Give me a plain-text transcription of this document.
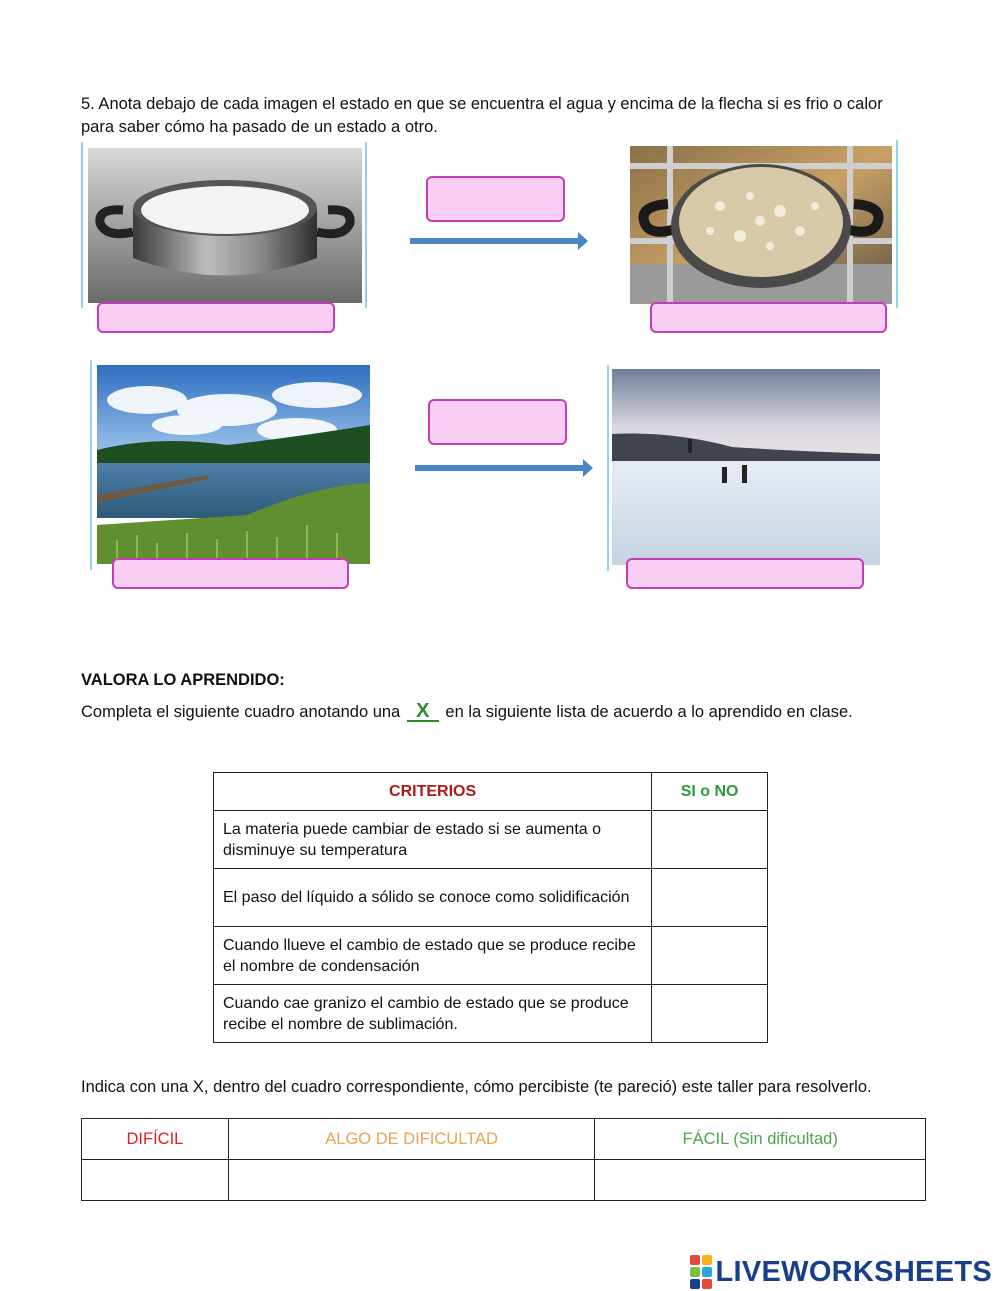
5. Anota debajo de cada imagen el estado en que se encuentra el agua y encima de la flecha si es frio o calor para saber cómo ha pasado de un estado a otro.
VALORA LO APRENDIDO:
Completa el siguiente cuadro anotando una X en la siguiente lista de acuerdo a lo aprendido en clase.
CRITERIOS	SI o NO
La materia puede cambiar de estado si se aumenta o disminuye su temperatura	
El paso del líquido a sólido se conoce como solidificación	
Cuando llueve el cambio de estado que se produce recibe el nombre de condensación	
Cuando cae granizo el cambio de estado que se produce recibe el nombre de sublimación.	
Indica con una X, dentro del cuadro correspondiente, cómo percibiste (te pareció) este taller para resolverlo.
DIFÍCIL	ALGO DE DIFICULTAD	FÁCIL (Sin dificultad)

LIVEWORKSHEETS
